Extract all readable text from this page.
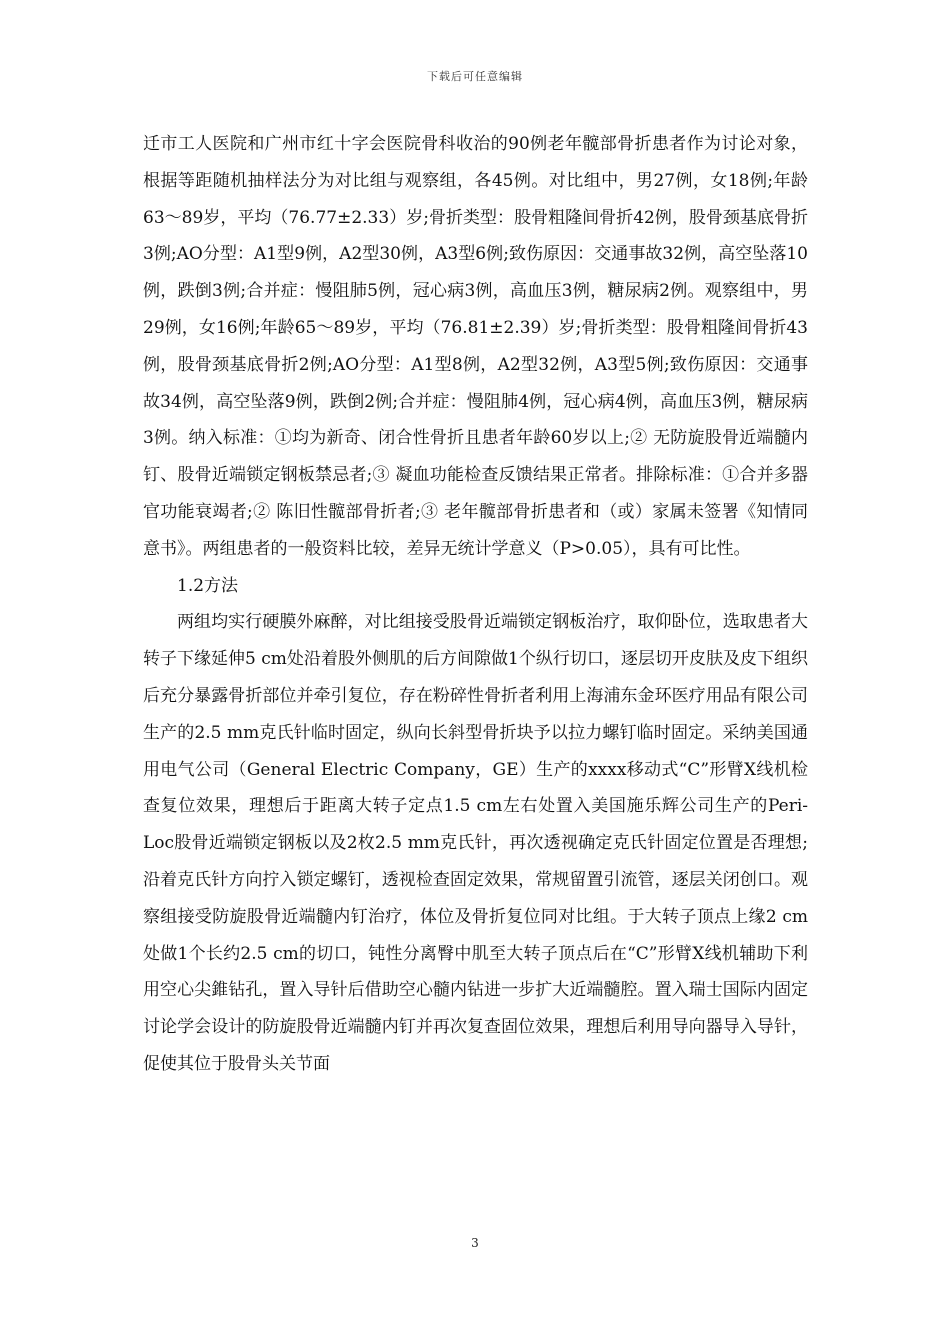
下载后可任意编辑

迁市工人医院和广州市红十字会医院骨科收治的90例老年髋部骨折患者作为讨论对象，根据等距随机抽样法分为对比组与观察组，各45例。对比组中，男27例，女18例;年龄63～89岁，平均（76.77±2.33）岁;骨折类型：股骨粗隆间骨折42例，股骨颈基底骨折3例;AO分型：A1型9例，A2型30例，A3型6例;致伤原因：交通事故32例，高空坠落10例，跌倒3例;合并症：慢阻肺5例，冠心病3例，高血压3例，糖尿病2例。观察组中，男29例，女16例;年龄65～89岁，平均（76.81±2.39）岁;骨折类型：股骨粗隆间骨折43例，股骨颈基底骨折2例;AO分型：A1型8例，A2型32例，A3型5例;致伤原因：交通事故34例，高空坠落9例，跌倒2例;合并症：慢阻肺4例，冠心病4例，高血压3例，糖尿病3例。纳入标准：①均为新奇、闭合性骨折且患者年龄60岁以上;② 无防旋股骨近端髓内钉、股骨近端锁定钢板禁忌者;③ 凝血功能检查反馈结果正常者。排除标准：①合并多器官功能衰竭者;② 陈旧性髋部骨折者;③ 老年髋部骨折患者和（或）家属未签署《知情同意书》。两组患者的一般资料比较，差异无统计学意义（P>0.05），具有可比性。

1.2方法

两组均实行硬膜外麻醉，对比组接受股骨近端锁定钢板治疗，取仰卧位，选取患者大转子下缘延伸5 cm处沿着股外侧肌的后方间隙做1个纵行切口，逐层切开皮肤及皮下组织后充分暴露骨折部位并牵引复位，存在粉碎性骨折者利用上海浦东金环医疗用品有限公司生产的2.5 mm克氏针临时固定，纵向长斜型骨折块予以拉力螺钉临时固定。采纳美国通用电气公司（General Electric Company，GE）生产的xxxx移动式“C”形臂X线机检查复位效果，理想后于距离大转子定点1.5 cm左右处置入美国施乐辉公司生产的Peri-Loc股骨近端锁定钢板以及2枚2.5 mm克氏针，再次透视确定克氏针固定位置是否理想;沿着克氏针方向拧入锁定螺钉，透视检查固定效果，常规留置引流管，逐层关闭创口。观察组接受防旋股骨近端髓内钉治疗，体位及骨折复位同对比组。于大转子顶点上缘2 cm处做1个长约2.5 cm的切口，钝性分离臀中肌至大转子顶点后在“C”形臂X线机辅助下利用空心尖錐钻孔，置入导针后借助空心髓内钻进一步扩大近端髓腔。置入瑞士国际内固定讨论学会设计的防旋股骨近端髓内钉并再次复查固位效果，理想后利用导向器导入导针，促使其位于股骨头关节面

3
